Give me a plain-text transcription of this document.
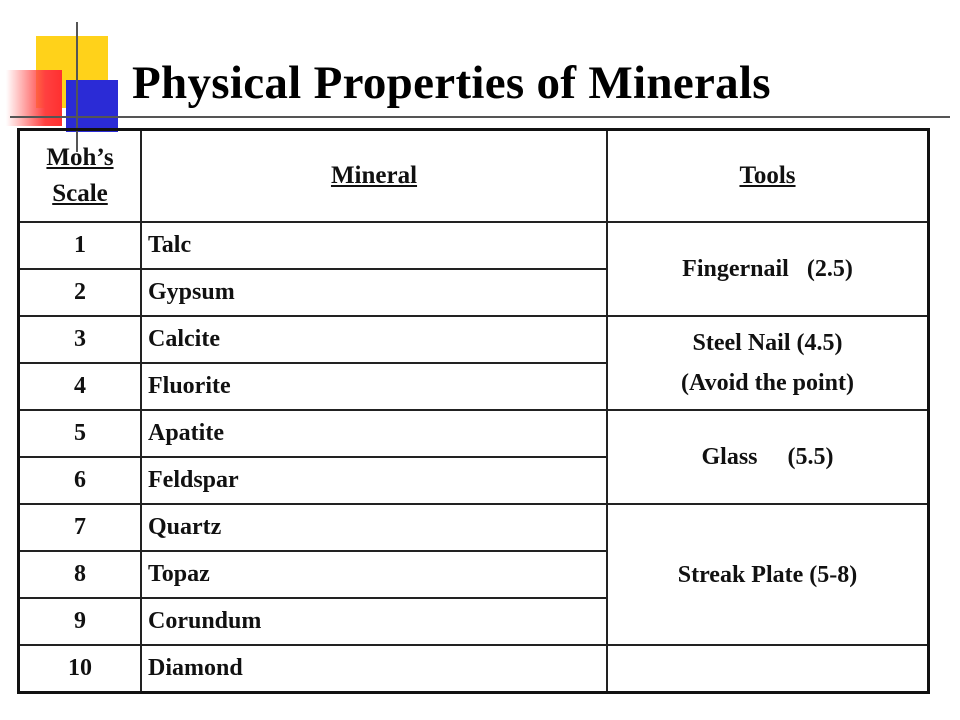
Physical Properties of Minerals
Moh’s
Scale	Mineral	Tools
1	Talc	Fingernail   (2.5)
2	Gypsum	
3	Calcite	Steel Nail (4.5)
(Avoid the point)
4	Fluorite	
5	Apatite	Glass     (5.5)
6	Feldspar	
7	Quartz	Streak Plate (5-8)
8	Topaz	
9	Corundum	
10	Diamond	
